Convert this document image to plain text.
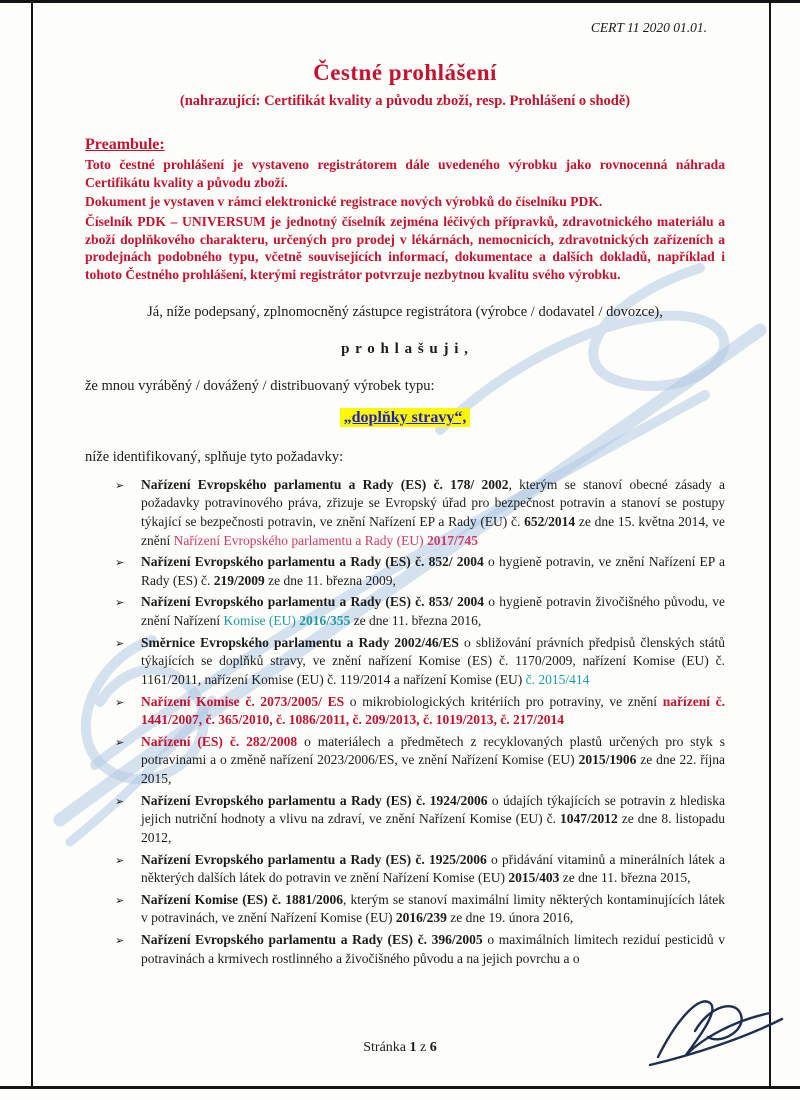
CERT 11 2020 01.01.
Čestné prohlášení
(nahrazující: Certifikát kvality a původu zboží, resp. Prohlášení o shodě)
Preambule:

Toto čestné prohlášení je vystaveno registrátorem dále uvedeného výrobku jako rovnocenná náhrada Certifikátu kvality a původu zboží.

Dokument je vystaven v rámci elektronické registrace nových výrobků do číselníku PDK.

Číselník PDK – UNIVERSUM je jednotný číselník zejména léčivých přípravků, zdravotnického materiálu a zboží doplňkového charakteru, určených pro prodej v lékárnách, nemocnicích, zdravotnických zařízeních a prodejnách podobného typu, včetně souvisejících informací, dokumentace a dalších dokladů, například i tohoto Čestného prohlášení, kterými registrátor potvrzuje nezbytnou kvalitu svého výrobku.

Já, níže podepsaný, zplnomocněný zástupce registrátora (výrobce / dodavatel / dovozce),

p r o h l a š u j i ,

že mnou vyráběný / dovážený / distribuovaný výrobek typu:

„doplňky stravy“,

níže identifikovaný, splňuje tyto požadavky:

➢	Nařízení Evropského parlamentu a Rady (ES) č. 178/ 2002, kterým se stanoví obecné zásady a požadavky potravinového práva, zřizuje se Evropský úřad pro bezpečnost potravin a stanoví se postupy týkající se bezpečnosti potravin, ve znění Nařízení EP a Rady (EU) č. 652/2014 ze dne 15. května 2014, ve znění Nařízení Evropského parlamentu a Rady (EU) 2017/745
➢	Nařízení Evropského parlamentu a Rady (ES) č. 852/ 2004 o hygieně potravin, ve znění Nařízení EP a Rady (ES) č. 219/2009 ze dne 11. března 2009,
➢	Nařízení Evropského parlamentu a Rady (ES) č. 853/ 2004 o hygieně potravin živočišného původu, ve znění Nařízení Komise (EU) 2016/355 ze dne 11. března 2016,
➢	Směrnice Evropského parlamentu a Rady 2002/46/ES o sbližování právních předpisů členských států týkajících se doplňků stravy, ve znění nařízení Komise (ES) č. 1170/2009, nařízení Komise (EU) č. 1161/2011, nařízení Komise (EU) č. 119/2014 a nařízení Komise (EU) č. 2015/414
➢	Nařízení Komise č. 2073/2005/ ES o mikrobiologických kritériích pro potraviny, ve znění nařízení č. 1441/2007, č. 365/2010, č. 1086/2011, č. 209/2013, č. 1019/2013, č. 217/2014
➢	Nařízení (ES) č. 282/2008 o materiálech a předmětech z recyklovaných plastů určených pro styk s potravinami a o změně nařízení 2023/2006/ES, ve znění Nařízení Komise (EU) 2015/1906 ze dne 22. října 2015,
➢	Nařízení Evropského parlamentu a Rady (ES) č. 1924/2006 o údajích týkajících se potravin z hlediska jejich nutriční hodnoty a vlivu na zdraví, ve znění Nařízení Komise (EU) č. 1047/2012 ze dne 8. listopadu 2012,
➢	Nařízení Evropského parlamentu a Rady (ES) č. 1925/2006 o přidávání vitaminů a minerálních látek a některých dalších látek do potravin ve znění Nařízení Komise (EU) 2015/403 ze dne 11. března 2015,
➢	Nařízení Komise (ES) č. 1881/2006, kterým se stanoví maximální limity některých kontaminujících látek v potravinách, ve znění Nařízení Komise (EU) 2016/239 ze dne 19. února 2016,
➢	Nařízení Evropského parlamentu a Rady (ES) č. 396/2005 o maximálních limitech reziduí pesticidů v potravinách a krmivech rostlinného a živočišného původu a na jejich povrchu a o
Stránka 1 z 6
